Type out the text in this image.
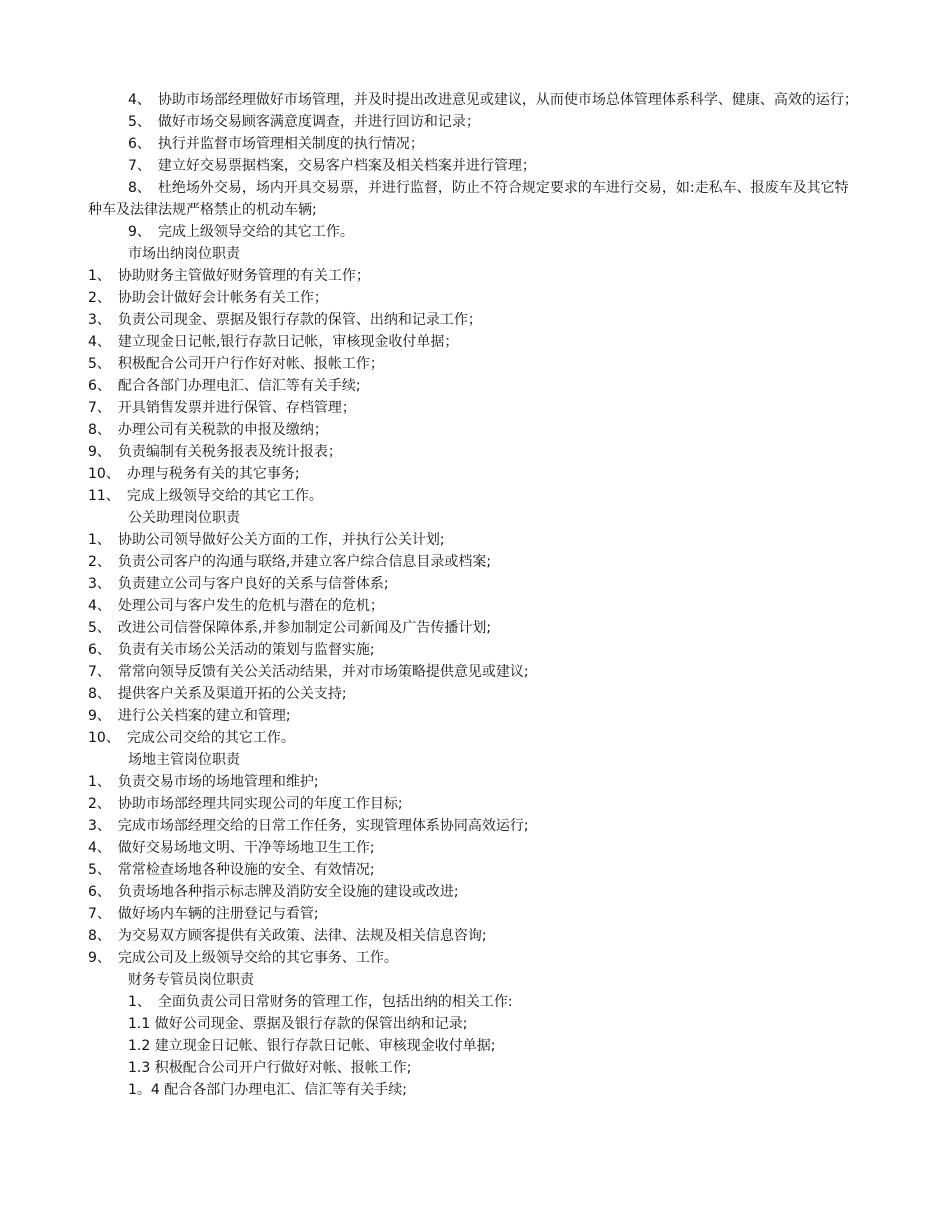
4、　协助市场部经理做好市场管理，并及时提出改进意见或建议，从而使市场总体管理体系科学、健康、高效的运行；
5、　做好市场交易顾客满意度调查，并进行回访和记录；
6、　执行并监督市场管理相关制度的执行情况；
7、　建立好交易票据档案，交易客户档案及相关档案并进行管理；
8、　杜绝场外交易，场内开具交易票，并进行监督，防止不符合规定要求的车进行交易，如:走私车、报废车及其它特种车及法律法规严格禁止的机动车辆;
9、　完成上级领导交给的其它工作。
市场出纳岗位职责
1、　协助财务主管做好财务管理的有关工作；
2、　协助会计做好会计帐务有关工作；
3、　负责公司现金、票据及银行存款的保管、出纳和记录工作；
4、　建立现金日记帐,银行存款日记帐，审核现金收付单据；
5、　积极配合公司开户行作好对帐、报帐工作；
6、　配合各部门办理电汇、信汇等有关手续;
7、　开具销售发票并进行保管、存档管理；
8、　办理公司有关税款的申报及缴纳；
9、　负责编制有关税务报表及统计报表；
10、　办理与税务有关的其它事务;
11、　完成上级领导交给的其它工作。
公关助理岗位职责
1、　协助公司领导做好公关方面的工作，并执行公关计划;
2、　负责公司客户的沟通与联络,并建立客户综合信息目录或档案;
3、　负责建立公司与客户良好的关系与信誉体系;
4、　处理公司与客户发生的危机与潜在的危机；
5、　改进公司信誉保障体系,并参加制定公司新闻及广告传播计划;
6、　负责有关市场公关活动的策划与监督实施;
7、　常常向领导反馈有关公关活动结果，并对市场策略提供意见或建议;
8、　提供客户关系及渠道开拓的公关支持;
9、　进行公关档案的建立和管理;
10、　完成公司交给的其它工作。
场地主管岗位职责
1、　负责交易市场的场地管理和维护;
2、　协助市场部经理共同实现公司的年度工作目标;
3、　完成市场部经理交给的日常工作任务，实现管理体系协同高效运行;
4、　做好交易场地文明、干净等场地卫生工作;
5、　常常检查场地各种设施的安全、有效情况;
6、　负责场地各种指示标志牌及消防安全设施的建设或改进;
7、　做好场内车辆的注册登记与看管;
8、　为交易双方顾客提供有关政策、法律、法规及相关信息咨询;
9、　完成公司及上级领导交给的其它事务、工作。
财务专管员岗位职责
1、　全面负责公司日常财务的管理工作，包括出纳的相关工作:
1.1 做好公司现金、票据及银行存款的保管出纳和记录;
1.2 建立现金日记帐、银行存款日记帐、审核现金收付单据;
1.3 积极配合公司开户行做好对帐、报帐工作;
1。4 配合各部门办理电汇、信汇等有关手续;
